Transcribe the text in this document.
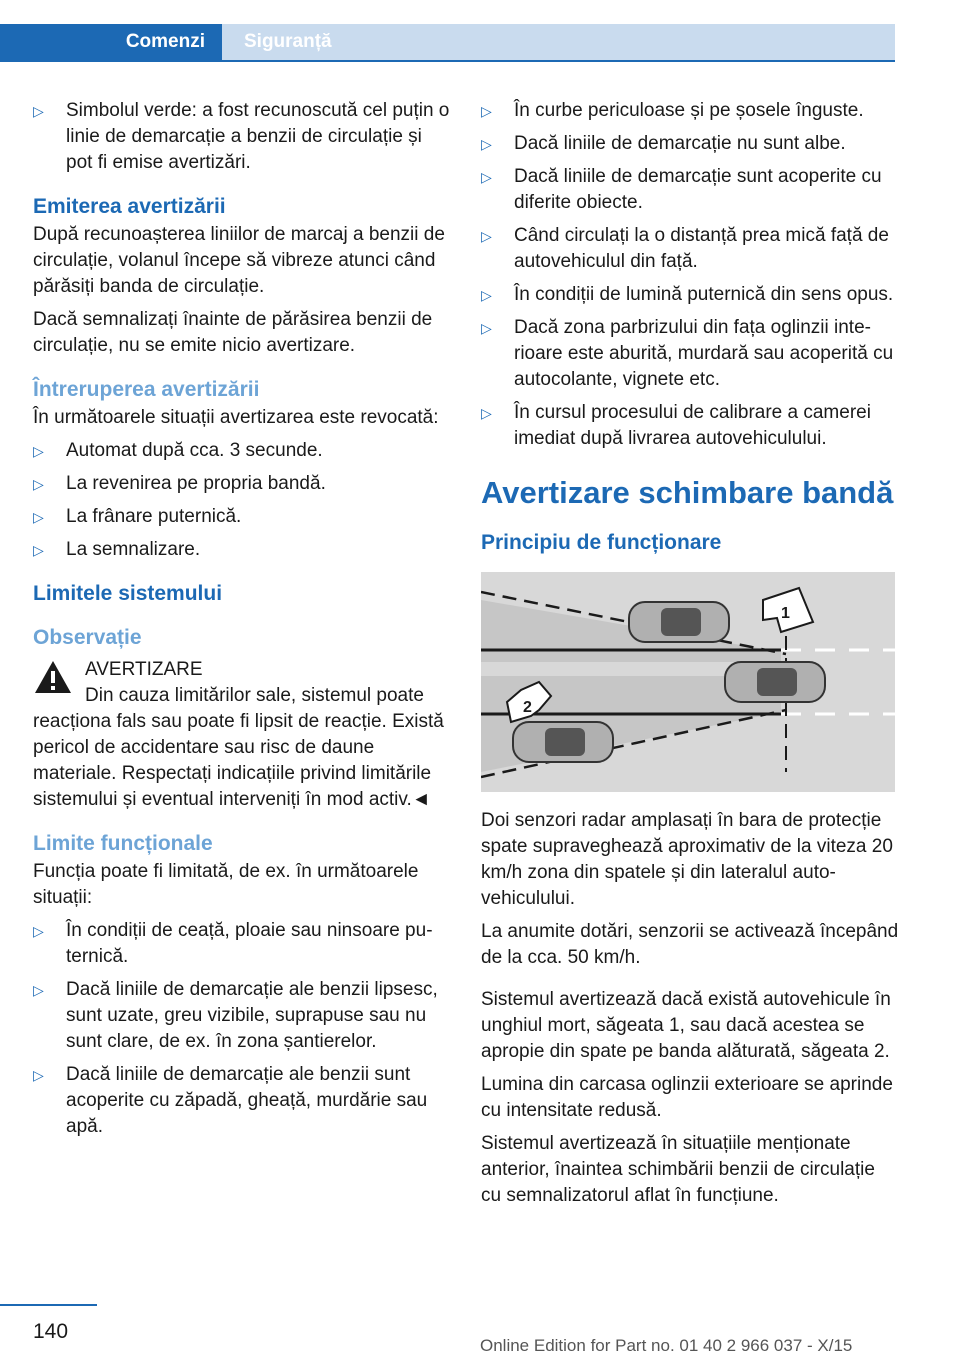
Comenzi	Siguranță
▷ Simbolul verde: a fost recunoscută cel puțin o linie de demarcație a benzii de circulație și pot fi emise avertizări.
Emiterea avertizării

După recunoașterea liniilor de marcaj a benzii de circulație, volanul începe să vibreze atunci când părăsiți banda de circulație.

Dacă semnalizați înainte de părăsirea benzii de circulație, nu se emite nicio avertizare.

Întreruperea avertizării

În următoarele situații avertizarea este revocată:

▷ Automat după cca. 3 secunde.
▷ La revenirea pe propria bandă.
▷ La frânare puternică.
▷ La semnalizare.
Limitele sistemului
Observație
AVERTIZARE
Din cauza limitărilor sale, sistemul poate
reacționa fals sau poate fi lipsit de reacție. Există pericol de accidentare sau risc de daune materiale. Respectați indicațiile privind limitările sistemului și eventual interveniți în mod activ.◄
Limite funcționale

Funcția poate fi limitată, de ex. în următoarele situații:

▷ În condiții de ceață, ploaie sau ninsoare puternică.
▷ Dacă liniile de demarcație ale benzii lipsesc, sunt uzate, greu vizibile, suprapuse sau nu sunt clare, de ex. în zona șantierelor.
▷ Dacă liniile de demarcație ale benzii sunt acoperite cu zăpadă, gheață, murdărie sau apă.
▷ În curbe periculoase și pe șosele înguste.
▷ Dacă liniile de demarcație nu sunt albe.
▷ Dacă liniile de demarcație sunt acoperite cu diferite obiecte.
▷ Când circulați la o distanță prea mică față de autovehiculul din față.
▷ În condiții de lumină puternică din sens opus.
▷ Dacă zona parbrizului din fața oglinzii interioare este aburită, murdară sau acoperită cu autocolante, vignete etc.
▷ În cursul procesului de calibrare a camerei imediat după livrarea autovehiculului.
Avertizare schimbare bandă
Principiu de funcționare
1
2

Doi senzori radar amplasați în bara de protecție spate supraveghează aproximativ de la viteza 20 km/h zona din spatele și din lateralul autovehiculului.

La anumite dotări, senzorii se activează începând de la cca. 50 km/h.

Sistemul avertizează dacă există autovehicule în unghiul mort, săgeata 1, sau dacă acestea se apropie din spate pe banda alăturată, săgeata 2.

Lumina din carcasa oglinzii exterioare se aprinde cu intensitate redusă.

Sistemul avertizează în situațiile menționate anterior, înaintea schimbării benzii de circulație cu semnalizatorul aflat în funcțiune.

140
Online Edition for Part no. 01 40 2 966 037 - X/15
